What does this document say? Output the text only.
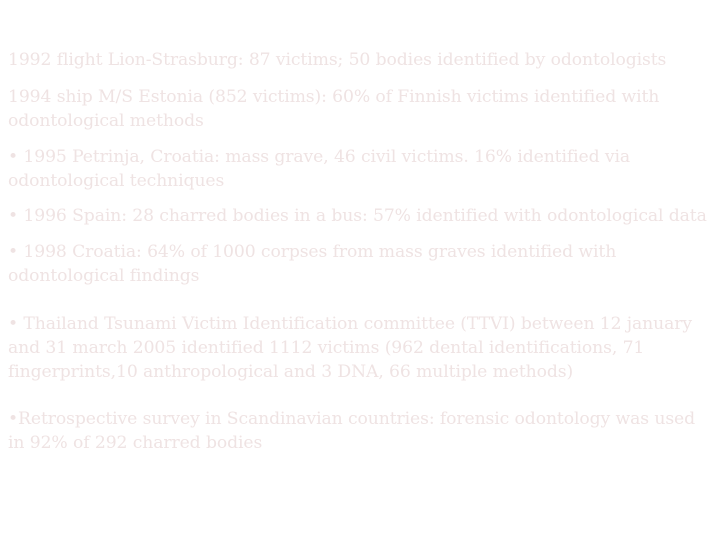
1992 flight Lion-Strasburg: 87 victims; 50 bodies identified by odontologists
1994 ship M/S Estonia (852 victims): 60% of Finnish victims identified with odontological methods
• 1995 Petrinja, Croatia: mass grave, 46 civil victims. 16% identified via odontological techniques
• 1996 Spain: 28 charred bodies in a bus: 57% identified with odontological data
• 1998 Croatia: 64% of 1000 corpses from mass graves identified with odontological findings
• Thailand Tsunami Victim Identification committee (TTVI) between 12 january and 31 march 2005 identified 1112 victims (962 dental identifications, 71 fingerprints,10 anthropological and 3 DNA, 66 multiple methods)
•Retrospective survey in Scandinavian countries: forensic odontology was used in 92% of 292 charred bodies
